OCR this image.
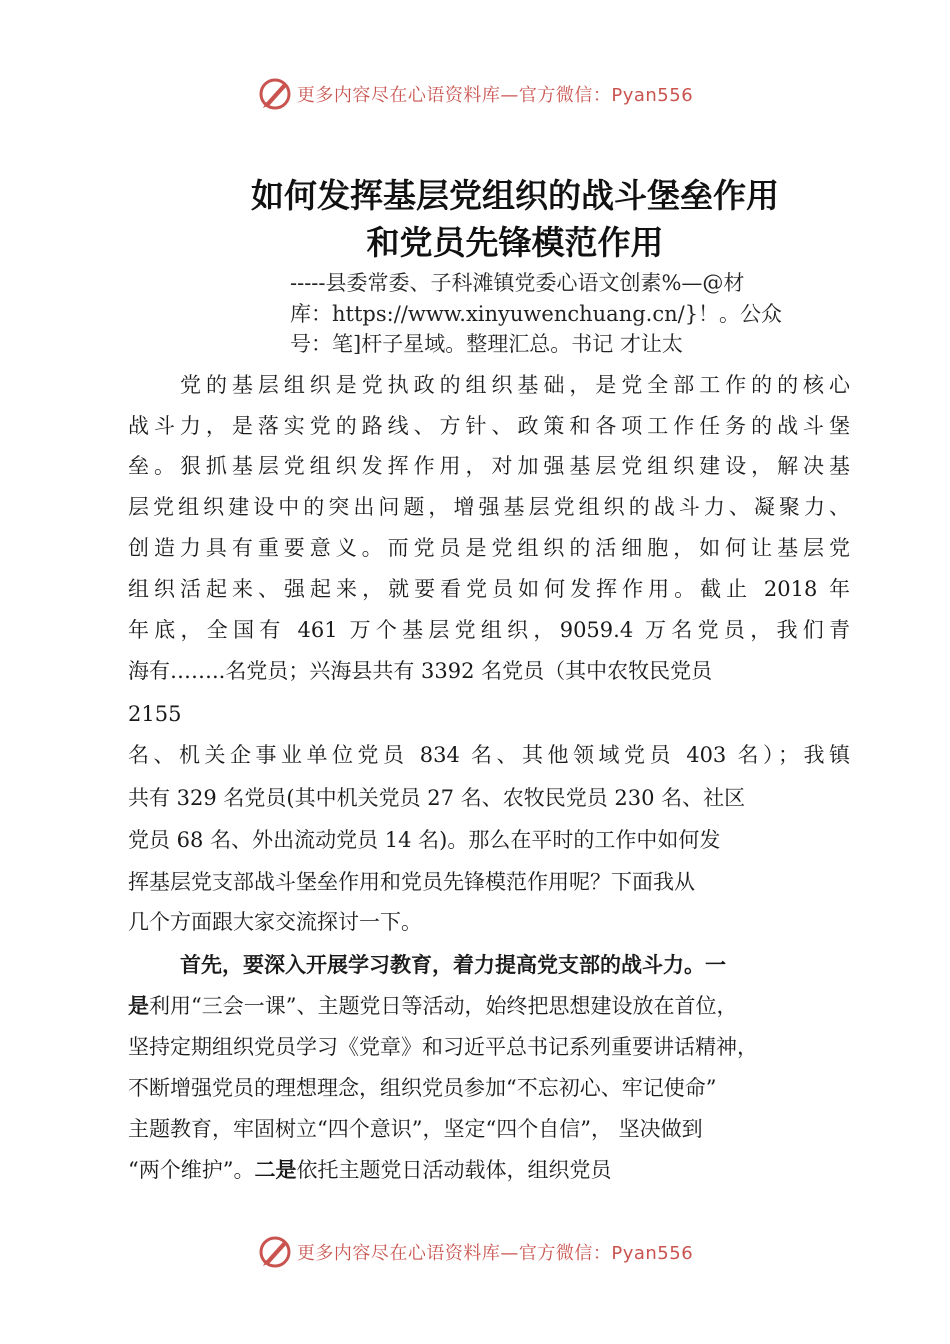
更多内容尽在心语资料库—官方微信：Pyan556
如何发挥基层党组织的战斗堡垒作用
和党员先锋模范作用
-----县委常委、子科滩镇党委心语文创素%—@材
库：https://www.xinyuwenchuang.cn/}！。公众
号：笔]杆子星域。整理汇总。书记 才让太
党的基层组织是党执政的组织基础，是党全部工作的的核心
战斗力，是落实党的路线、方针、政策和各项工作任务的战斗堡
垒。狠抓基层党组织发挥作用，对加强基层党组织建设，解决基
层党组织建设中的突出问题，增强基层党组织的战斗力、凝聚力、
创造力具有重要意义。而党员是党组织的活细胞，如何让基层党
组织活起来、强起来，就要看党员如何发挥作用。截止 2018 年
年底，全国有 461 万个基层党组织，9059.4 万名党员，我们青
海有……..名党员；兴海县共有 3392 名党员（其中农牧民党员
2155
名、机关企事业单位党员 834 名、其他领域党员 403 名）；我镇
共有 329 名党员(其中机关党员 27 名、农牧民党员 230 名、社区
党员 68 名、外出流动党员 14 名)。那么在平时的工作中如何发
挥基层党支部战斗堡垒作用和党员先锋模范作用呢？下面我从
几个方面跟大家交流探讨一下。
首先，要深入开展学习教育，着力提高党支部的战斗力。一
是利用“三会一课”、主题党日等活动，始终把思想建设放在首位，
坚持定期组织党员学习《党章》和习近平总书记系列重要讲话精神，
不断增强党员的理想理念，组织党员参加“不忘初心、牢记使命”
主题教育，牢固树立“四个意识”，坚定“四个自信”， 坚决做到
“两个维护”。二是依托主题党日活动载体，组织党员
更多内容尽在心语资料库—官方微信：Pyan556
